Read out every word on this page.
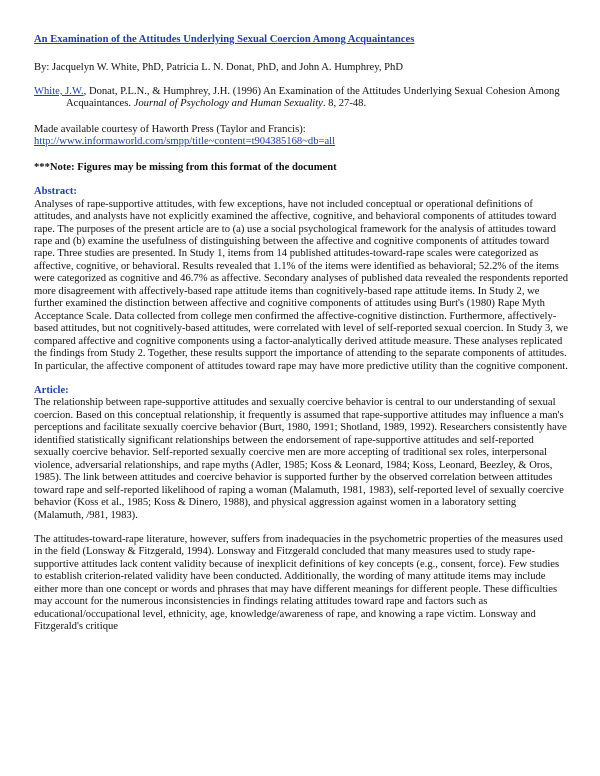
An Examination of the Attitudes Underlying Sexual Coercion Among Acquaintances

By: Jacquelyn W. White, PhD, Patricia L. N. Donat, PhD, and John A. Humphrey, PhD

White, J.W., Donat, P.L.N., & Humphrey, J.H. (1996) An Examination of the Attitudes Underlying Sexual Cohesion Among Acquaintances. Journal of Psychology and Human Sexuality. 8, 27-48.

Made available courtesy of Haworth Press (Taylor and Francis):
http://www.informaworld.com/smpp/title~content=t904385168~db=all

***Note: Figures may be missing from this format of the document

Abstract:

Analyses of rape-supportive attitudes, with few exceptions, have not included conceptual or operational definitions of attitudes, and analysts have not explicitly examined the affective, cognitive, and behavioral components of attitudes toward rape. The purposes of the present article are to (a) use a social psychological framework for the analysis of attitudes toward rape and (b) examine the usefulness of distinguishing between the affective and cognitive components of attitudes toward rape. Three studies are presented. In Study 1, items from 14 published attitudes-toward-rape scales were categorized as affective, cognitive, or behavioral. Results revealed that 1.1% of the items were identified as behavioral; 52.2% of the items were categorized as cognitive and 46.7% as affective. Secondary analyses of published data revealed the respondents reported more disagreement with affectively-based rape attitude items than cognitively-based rape attitude items. In Study 2, we further examined the distinction between affective and cognitive components of attitudes using Burt's (1980) Rape Myth Acceptance Scale. Data collected from college men confirmed the affective-cognitive distinction. Furthermore, affectively-based attitudes, but not cognitively-based attitudes, were correlated with level of self-reported sexual coercion. In Study 3, we compared affective and cognitive components using a factor-analytically derived attitude measure. These analyses replicated the findings from Study 2. Together, these results support the importance of attending to the separate components of attitudes. In particular, the affective component of attitudes toward rape may have more predictive utility than the cognitive component.

Article:

The relationship between rape-supportive attitudes and sexually coercive behavior is central to our understanding of sexual coercion. Based on this conceptual relationship, it frequently is assumed that rape-supportive attitudes may influence a man's perceptions and facilitate sexually coercive behavior (Burt, 1980, 1991; Shotland, 1989, 1992). Researchers consistently have identified statistically significant relationships between the endorsement of rape-supportive attitudes and self-reported sexually coercive behavior. Self-reported sexually coercive men are more accepting of traditional sex roles, interpersonal violence, adversarial relationships, and rape myths (Adler, 1985; Koss & Leonard, 1984; Koss, Leonard, Beezley, & Oros, 1985). The link between attitudes and coercive behavior is supported further by the observed correlation between attitudes toward rape and self-reported likelihood of raping a woman (Malamuth, 1981, 1983), self-reported level of sexually coercive behavior (Koss et al., 1985; Koss & Dinero, 1988), and physical aggression against women in a laboratory setting (Malamuth, /981, 1983).

The attitudes-toward-rape literature, however, suffers from inadequacies in the psychometric properties of the measures used in the field (Lonsway & Fitzgerald, 1994). Lonsway and Fitzgerald concluded that many measures used to study rape-supportive attitudes lack content validity because of inexplicit definitions of key concepts (e.g., consent, force). Few studies to establish criterion-related validity have been conducted. Additionally, the wording of many attitude items may include either more than one concept or words and phrases that may have different meanings for different people. These difficulties may account for the numerous inconsistencies in findings relating attitudes toward rape and factors such as educational/occupational level, ethnicity, age, knowledge/awareness of rape, and knowing a rape victim. Lonsway and Fitzgerald's critique
